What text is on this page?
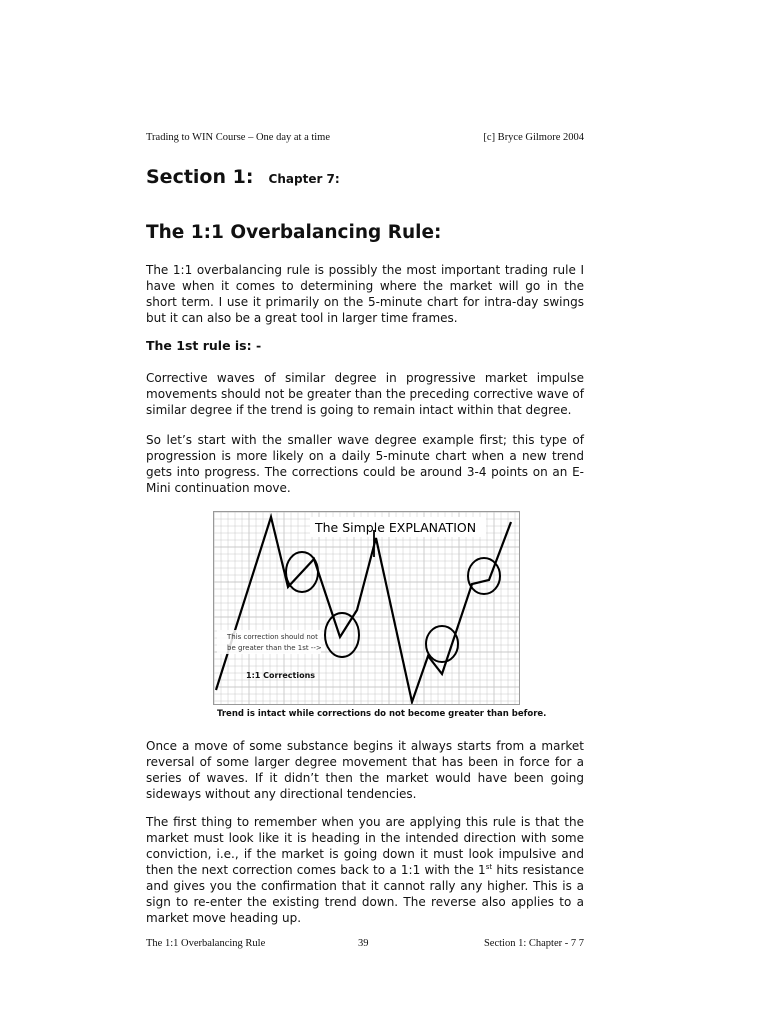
Trading to WIN Course – One day at a time	[c] Bryce Gilmore 2004
Section 1: Chapter 7:
The 1:1 Overbalancing Rule:

The 1:1 overbalancing rule is possibly the most important trading rule I have when it comes to determining where the market will go in the short term. I use it primarily on the 5-minute chart for intra-day swings but it can also be a great tool in larger time frames.

The 1st rule is: -

Corrective waves of similar degree in progressive market impulse movements should not be greater than the preceding corrective wave of similar degree if the trend is going to remain intact within that degree.

So let’s start with the smaller wave degree example first; this type of progression is more likely on a daily 5-minute chart when a new trend gets into progress. The corrections could be around 3-4 points on an E-Mini continuation move.

The Simple EXPLANATION
This correction should not
be greater than the 1st -->
1:1 Corrections
Trend is intact while corrections do not become greater than before.

Once a move of some substance begins it always starts from a market reversal of some larger degree movement that has been in force for a series of waves. If it didn’t then the market would have been going sideways without any directional tendencies.

The first thing to remember when you are applying this rule is that the market must look like it is heading in the intended direction with some conviction, i.e., if the market is going down it must look impulsive and then the next correction comes back to a 1:1 with the 1st hits resistance and gives you the confirmation that it cannot rally any higher. This is a sign to re-enter the existing trend down. The reverse also applies to a market move heading up.

The 1:1 Overbalancing Rule	39	Section 1: Chapter - 7 7
